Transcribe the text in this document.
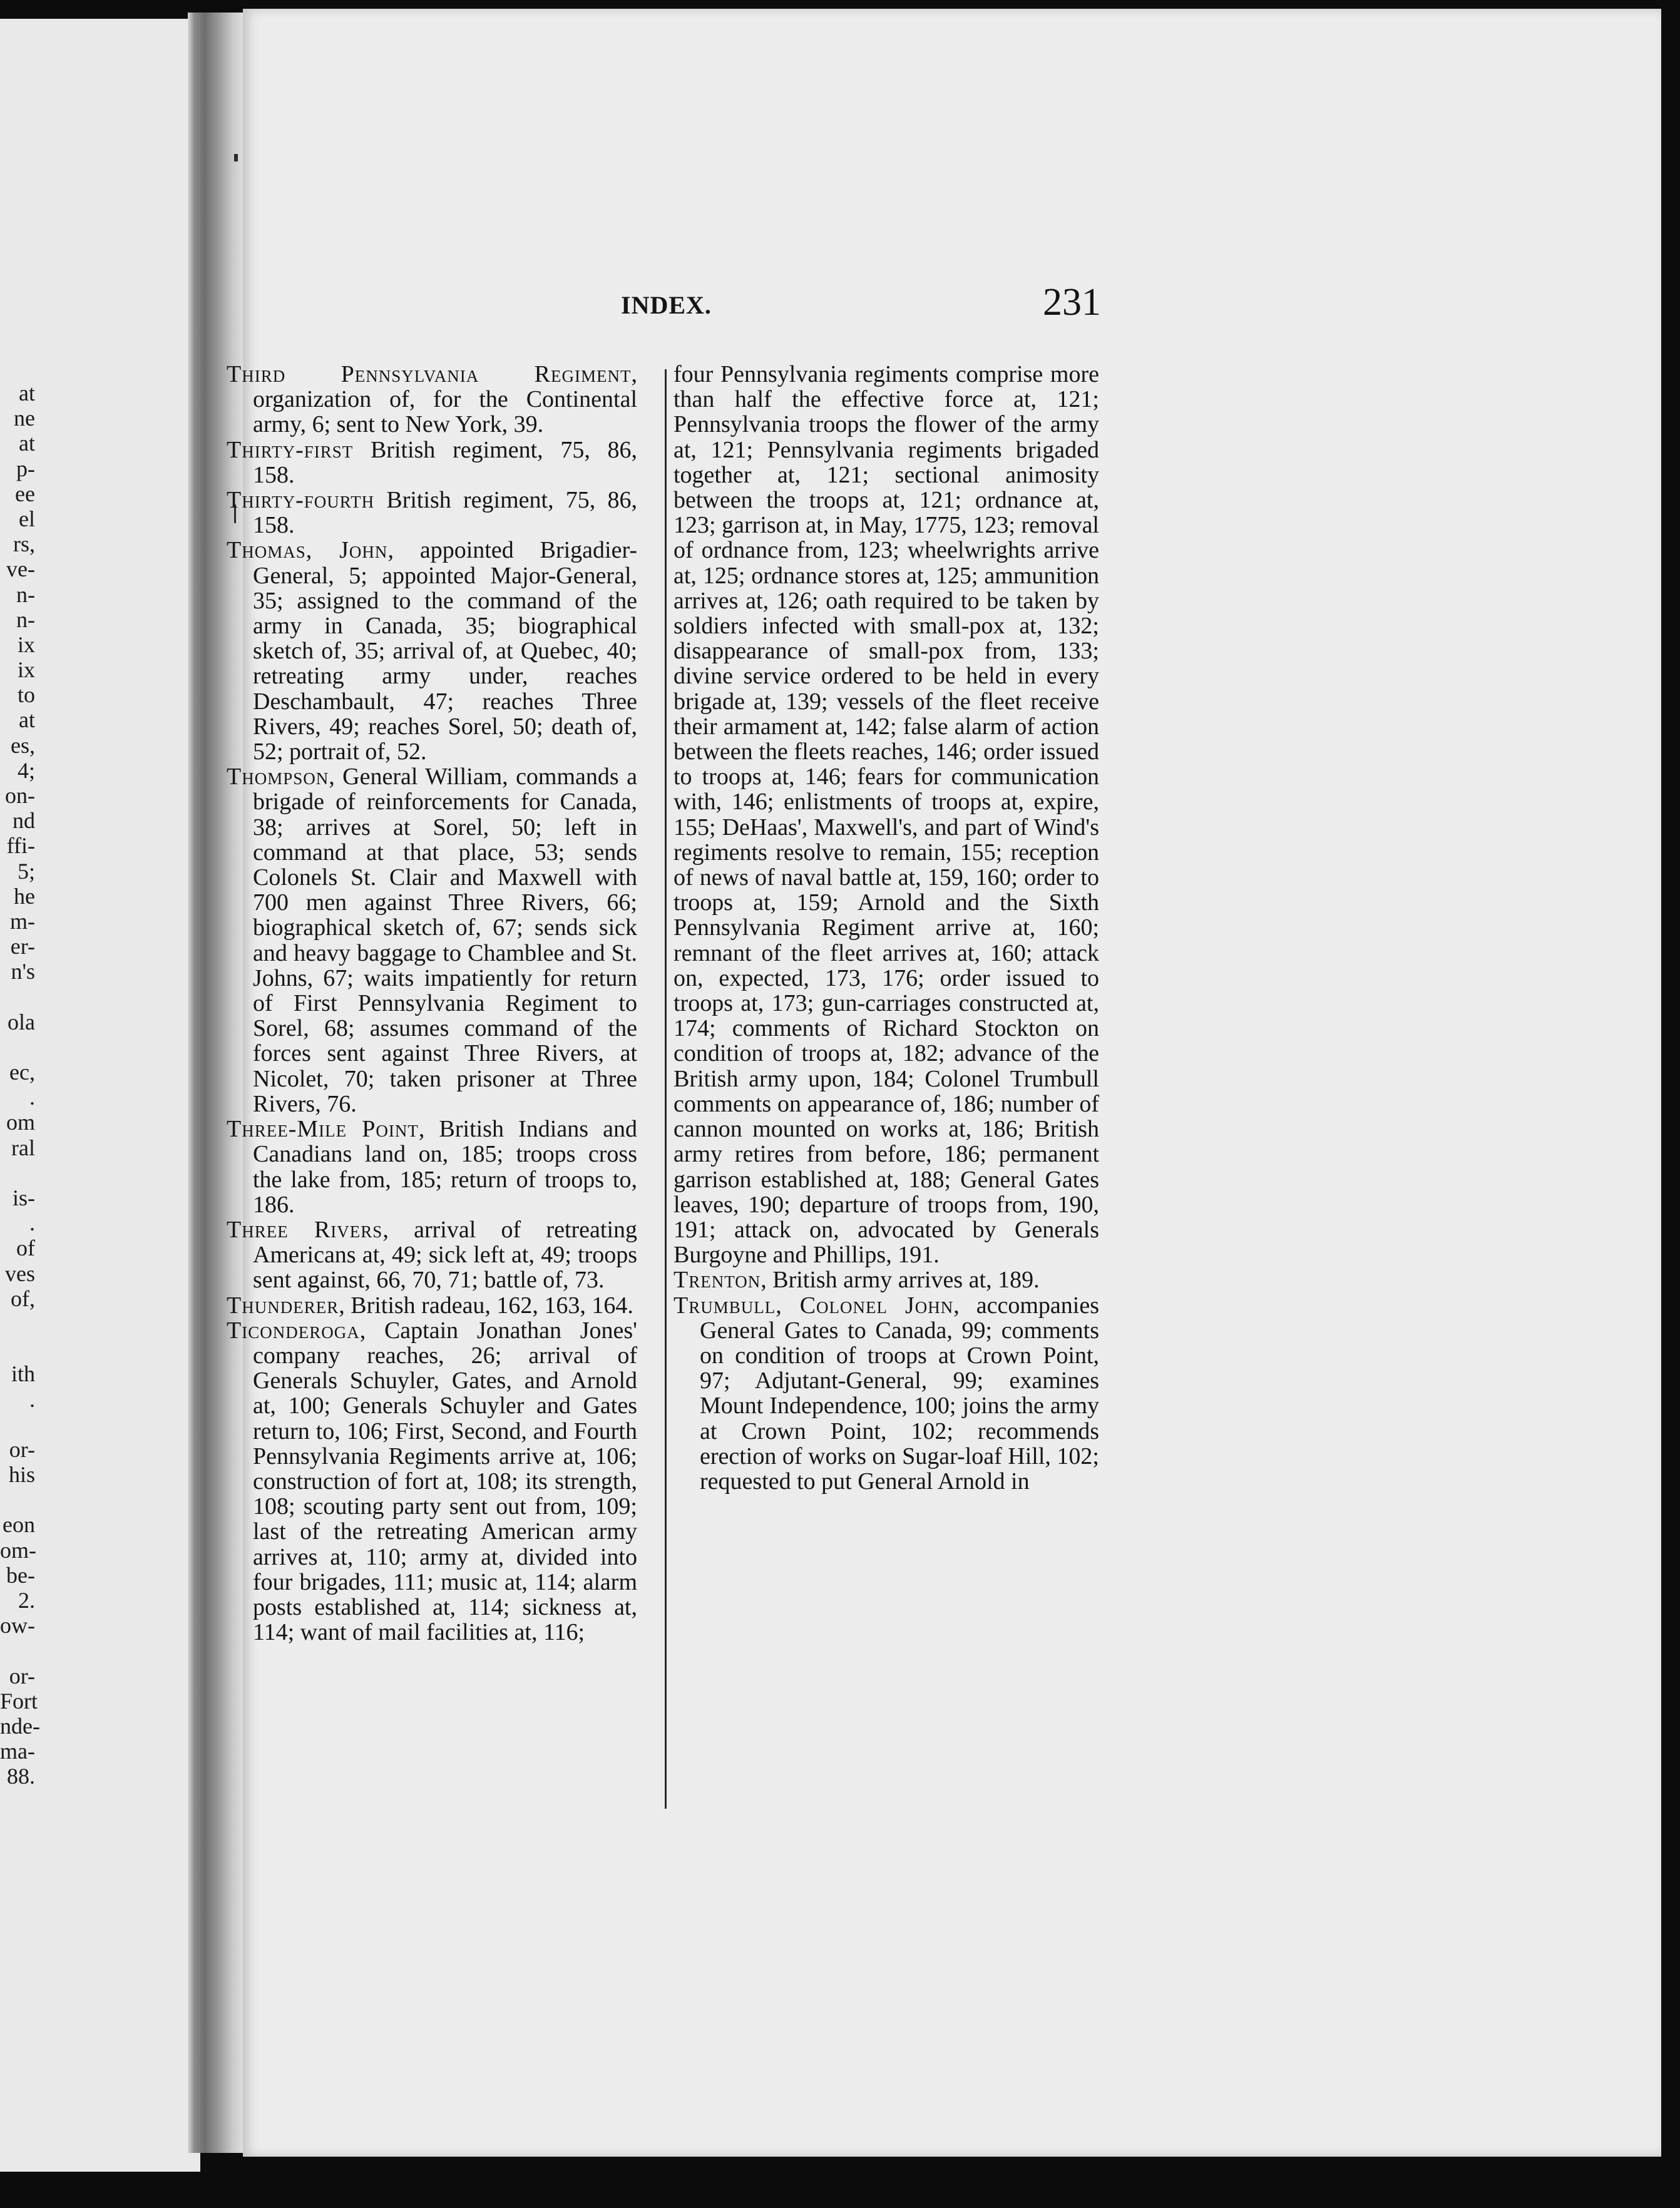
at
ne
at
p-
ee
el
rs,
ve-
n-
n-
ix
ix
to
at
es,
4;
on-
nd
ffi-
5;
he
m-
er-
n's
ola
ec,
.
om
ral
is-
.
of
ves
of,
ith
.
or-
his
eon
om-
be-
2.
ow-
or-
Fort
nde-
ma-
88.
INDEX.	231

Third Pennsylvania Regiment, organization of, for the Continental army, 6; sent to New York, 39.

Thirty-first British regiment, 75, 86, 158.

Thirty-fourth British regiment, 75, 86, 158.

Thomas, John, appointed Brigadier-General, 5; appointed Major-General, 35; assigned to the command of the army in Canada, 35; biographical sketch of, 35; arrival of, at Quebec, 40; retreating army under, reaches Deschambault, 47; reaches Three Rivers, 49; reaches Sorel, 50; death of, 52; portrait of, 52.

Thompson, General William, commands a brigade of reinforcements for Canada, 38; arrives at Sorel, 50; left in command at that place, 53; sends Colonels St. Clair and Maxwell with 700 men against Three Rivers, 66; biographical sketch of, 67; sends sick and heavy baggage to Chamblee and St. Johns, 67; waits impatiently for return of First Pennsylvania Regiment to Sorel, 68; assumes command of the forces sent against Three Rivers, at Nicolet, 70; taken prisoner at Three Rivers, 76.

Three-Mile Point, British Indians and Canadians land on, 185; troops cross the lake from, 185; return of troops to, 186.

Three Rivers, arrival of retreating Americans at, 49; sick left at, 49; troops sent against, 66, 70, 71; battle of, 73.

Thunderer, British radeau, 162, 163, 164.

Ticonderoga, Captain Jonathan Jones' company reaches, 26; arrival of Generals Schuyler, Gates, and Arnold at, 100; Generals Schuyler and Gates return to, 106; First, Second, and Fourth Pennsylvania Regiments arrive at, 106; construction of fort at, 108; its strength, 108; scouting party sent out from, 109; last of the retreating American army arrives at, 110; army at, divided into four brigades, 111; music at, 114; alarm posts established at, 114; sickness at, 114; want of mail facilities at, 116;

four Pennsylvania regiments comprise more than half the effective force at, 121; Pennsylvania troops the flower of the army at, 121; Pennsylvania regiments brigaded together at, 121; sectional animosity between the troops at, 121; ordnance at, 123; garrison at, in May, 1775, 123; removal of ordnance from, 123; wheelwrights arrive at, 125; ordnance stores at, 125; ammunition arrives at, 126; oath required to be taken by soldiers infected with small-pox at, 132; disappearance of small-pox from, 133; divine service ordered to be held in every brigade at, 139; vessels of the fleet receive their armament at, 142; false alarm of action between the fleets reaches, 146; order issued to troops at, 146; fears for communication with, 146; enlistments of troops at, expire, 155; DeHaas', Maxwell's, and part of Wind's regiments resolve to remain, 155; reception of news of naval battle at, 159, 160; order to troops at, 159; Arnold and the Sixth Pennsylvania Regiment arrive at, 160; remnant of the fleet arrives at, 160; attack on, expected, 173, 176; order issued to troops at, 173; gun-carriages constructed at, 174; comments of Richard Stockton on condition of troops at, 182; advance of the British army upon, 184; Colonel Trumbull comments on appearance of, 186; number of cannon mounted on works at, 186; British army retires from before, 186; permanent garrison established at, 188; General Gates leaves, 190; departure of troops from, 190, 191; attack on, advocated by Generals Burgoyne and Phillips, 191.

Trenton, British army arrives at, 189.

Trumbull, Colonel John, accompanies General Gates to Canada, 99; comments on condition of troops at Crown Point, 97; Adjutant-General, 99; examines Mount Independence, 100; joins the army at Crown Point, 102; recommends erection of works on Sugar-loaf Hill, 102; requested to put General Arnold in
